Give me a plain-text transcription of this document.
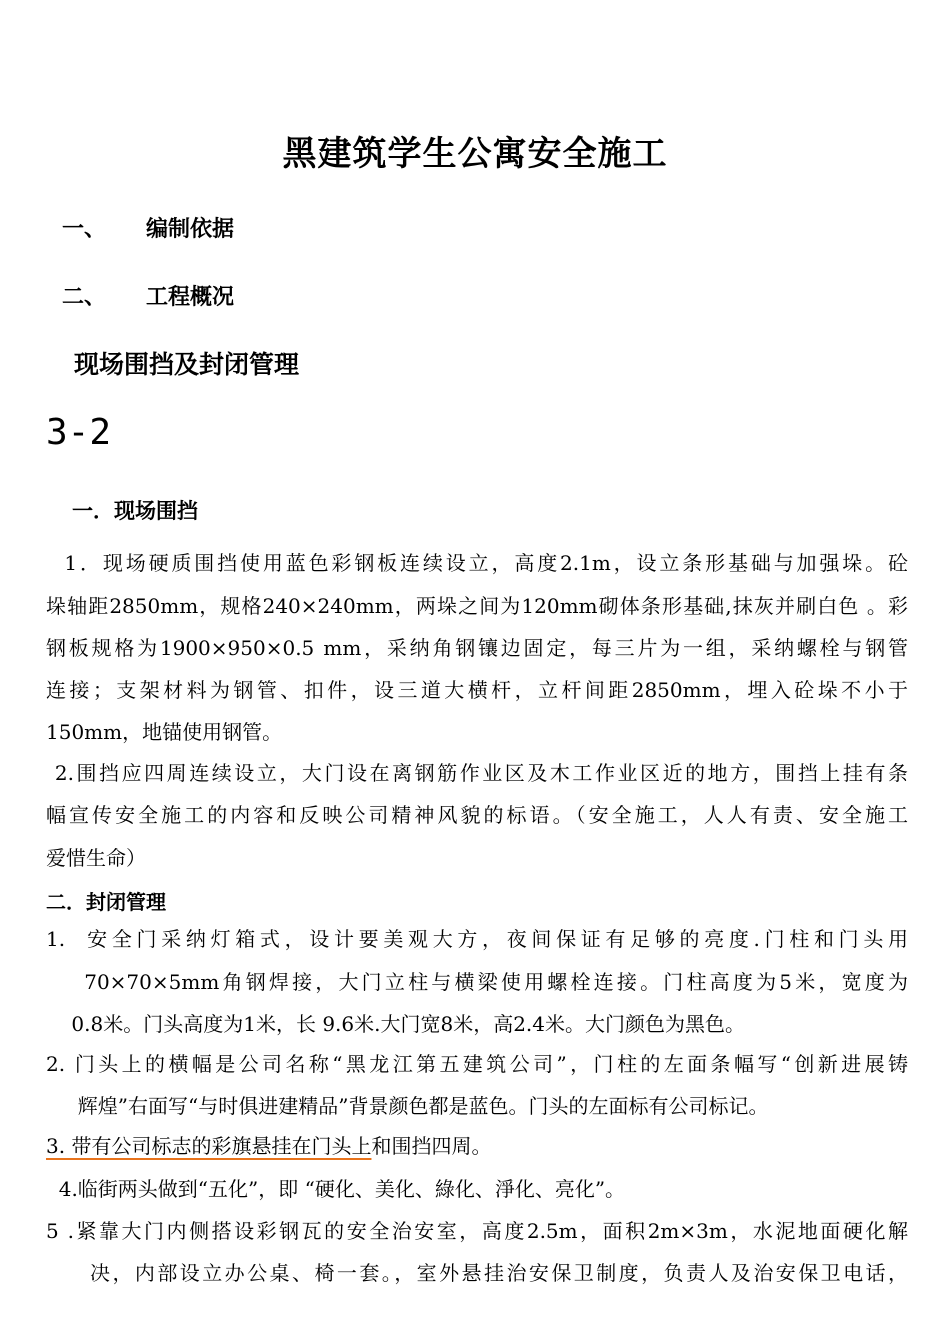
黑建筑学生公寓安全施工
一、 编制依据
二、 工程概况
现场围挡及封闭管理
3-2
一．现场围挡
1．现场硬质围挡使用蓝色彩钢板连续设立，高度2.1m，设立条形基础与加强垛。砼
垛轴距2850mm，规格240×240mm，两垛之间为120mm砌体条形基础,抹灰并刷白色 。彩
钢板规格为1900×950×0.5 mm，采纳角钢镶边固定，每三片为一组，采纳螺栓与钢管
连接；支架材料为钢管、扣件，设三道大横杆，立杆间距2850mm，埋入砼垛不小于
150mm，地锚使用钢管。
2.围挡应四周连续设立，大门设在离钢筋作业区及木工作业区近的地方，围挡上挂有条
幅宣传安全施工的内容和反映公司精神风貌的标语。（安全施工，人人有责、安全施工
爱惜生命）
二．封闭管理
1.  安全门采纳灯箱式，设计要美观大方，夜间保证有足够的亮度.门柱和门头用
70×70×5mm角钢焊接，大门立柱与横梁使用螺栓连接。门柱高度为5米，宽度为
0.8米。门头高度为1米，长 9.6米.大门宽8米，高2.4米。大门颜色为黑色。
2. 门头上的横幅是公司名称“黑龙江第五建筑公司”，门柱的左面条幅写“创新进展铸
辉煌”右面写“与时俱进建精品”背景颜色都是蓝色。门头的左面标有公司标记。
3. 带有公司标志的彩旗悬挂在门头上和围挡四周。
4.临街两头做到“五化”，即 “硬化、美化、綠化、淨化、亮化”。
5 .紧靠大门内侧搭设彩钢瓦的安全治安室，高度2.5m，面积2m×3m，水泥地面硬化解
决，内部设立办公桌、椅一套。，室外悬挂治安保卫制度，负责人及治安保卫电话，
